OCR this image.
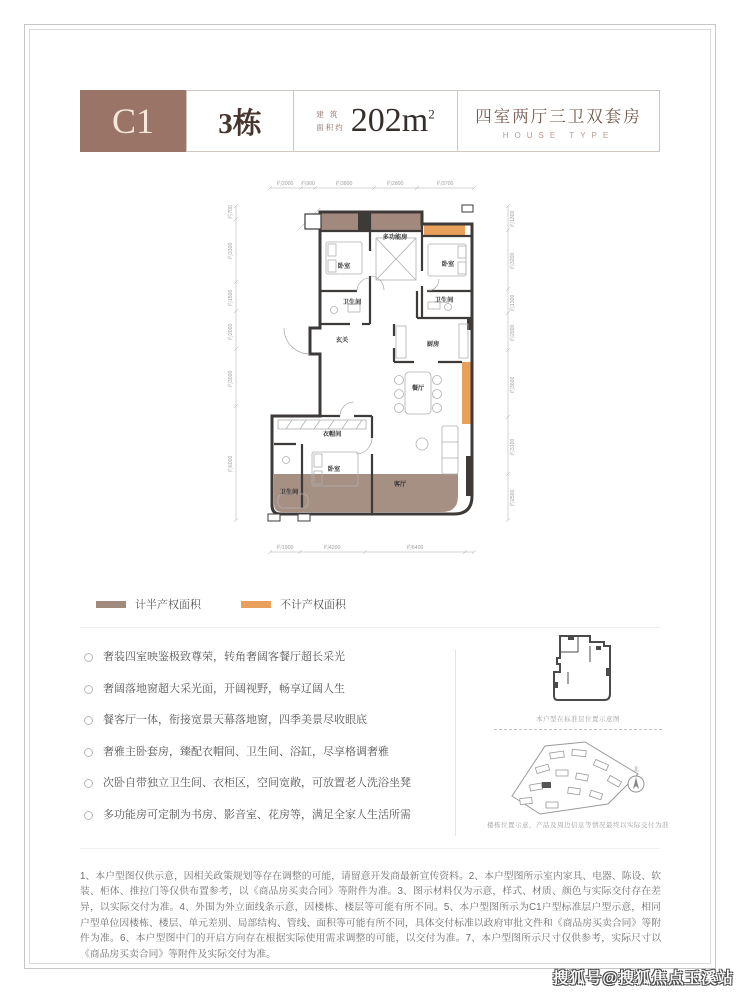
C1	3栋	建 筑
面积约 $202m^2$ 四室两厅三卫双套房
HOUSE TYPE
约2000 约900	约3800	约2800	约3700
约1900	约4200	约6400
约700
约3300
约1500
约2000
约3000
约6000
约1300
约3200
约1300
约2000
约3600
约3100
约2500
卧室
多功能房
卧室
卫生间	卫生间
玄关
厨房
餐厅
衣帽间
卧室
卫生间
客厅
计半产权面积	不计产权面积
奢装四室映鉴极致尊荣，转角奢阔客餐厅超长采光
奢阔落地窗超大采光面，开阔视野，畅享辽阔人生
餐客厅一体，衔接宽景天幕落地窗，四季美景尽收眼底
奢雅主卧套房，臻配衣帽间、卫生间、浴缸，尽享格调奢雅
次卧自带独立卫生间、衣柜区，空间宽敞，可放置老人洗浴坐凳
多功能房可定制为书房、影音室、花房等，满足全家人生活所需
本户型在标准层位置示意图
北
楼栋位置示意，产品及周边信息等情况最终以实际交付为准

1、本户型图仅供示意，因相关政策规划等存在调整的可能，请留意开发商最新宣传资料。2、本户型图所示室内家具、电器、陈设、软装、柜体、推拉门等仅供布置参考，以《商品房买卖合同》等附件为准。3、图示材料仅为示意，样式、材质、颜色与实际交付存在差异，以实际交付为准。4、外围为外立面线条示意，因楼栋、楼层等可能有所不同。5、本户型图所示为C1户型标准层户型示意，相同户型单位因楼栋、楼层、单元差别、局部结构、管线、面积等可能有所不同，具体交付标准以政府审批文件和《商品房买卖合同》等附件为准。6、本户型图中门的开启方向存在根据实际使用需求调整的可能，以交付为准。7、本户型图所示尺寸仅供参考，实际尺寸以《商品房买卖合同》等附件及实际交付为准。

搜狐号@搜狐焦点玉溪站
